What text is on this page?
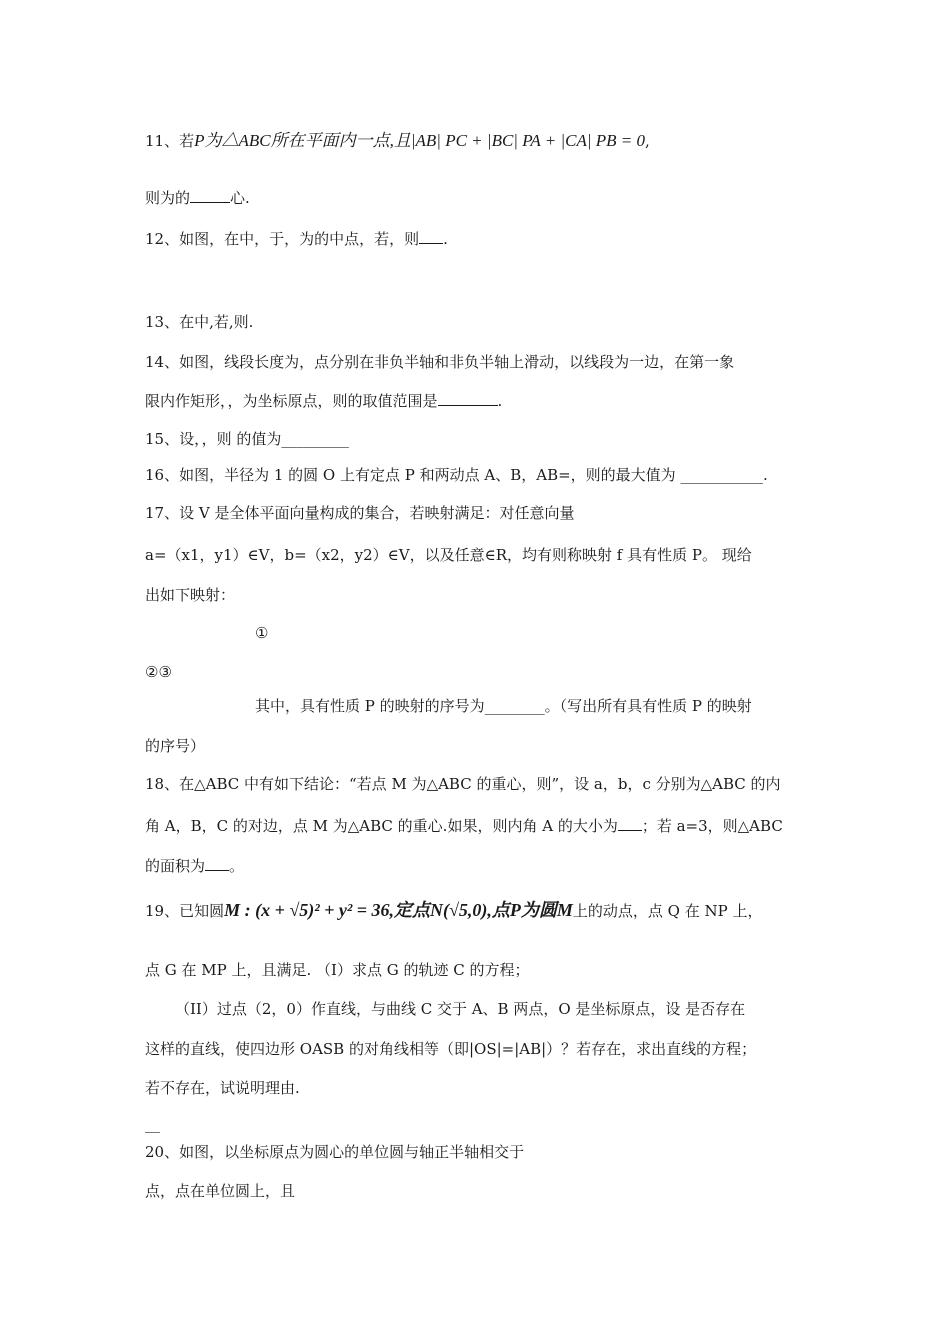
11、若P为△ABC所在平面内一点,且|AB| PC + |BC| PA + |CA| PB = 0,
则为的	心.
12、如图，在中，于，为的中点，若，则 .
13、在中,若,则.
14、如图，线段长度为，点分别在非负半轴和非负半轴上滑动，以线段为一边，在第一象
限内作矩形，，为坐标原点，则的取值范围是	.
15、设，，则 的值为_________
16、如图，半径为 1 的圆 O 上有定点 P 和两动点 A、B，AB=，则的最大值为 ___________.
17、设 V 是全体平面向量构成的集合，若映射满足：对任意向量
a=（x1，y1）∈V，b=（x2，y2）∈V，以及任意∈R，均有则称映射 f 具有性质 P。 现给
出如下映射：
①
②③
其中，具有性质 P 的映射的序号为________。（写出所有具有性质 P 的映射
的序号）
18、在△ABC 中有如下结论：“若点 M 为△ABC 的重心，则”，设 a，b，c 分别为△ABC 的内
角 A，B，C 的对边，点 M 为△ABC 的重心.如果，则内角 A 的大小为 ；若 a=3，则△ABC
的面积为 。
19、已知圆M : (x + √5)² + y² = 36,定点N(√5,0),点P为圆M上的动点，点 Q 在 NP 上，
点 G 在 MP 上，且满足. （I）求点 G 的轨迹 C 的方程；
（II）过点（2，0）作直线，与曲线 C 交于 A、B 两点，O 是坐标原点，设 是否存在
这样的直线，使四边形 OASB 的对角线相等（即|OS|=|AB|）？若存在，求出直线的方程；
若不存在，试说明理由.
__
20、如图，以坐标原点为圆心的单位圆与轴正半轴相交于
点，点在单位圆上，且
